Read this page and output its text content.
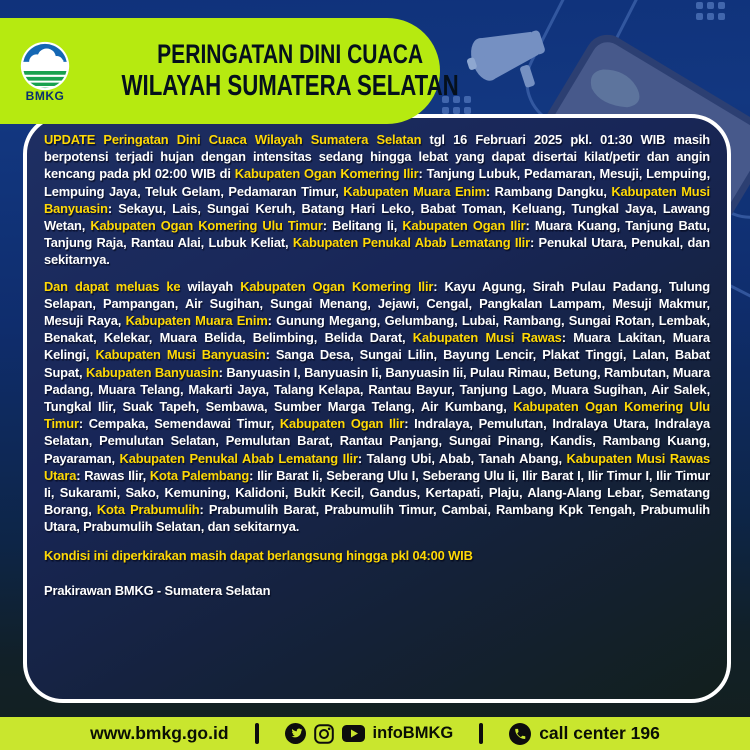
BMKG
PERINGATAN DINI CUACA
WILAYAH SUMATERA SELATAN

UPDATE Peringatan Dini Cuaca Wilayah Sumatera Selatan tgl 16 Februari 2025 pkl. 01:30 WIB masih berpotensi terjadi hujan dengan intensitas sedang hingga lebat yang dapat disertai kilat/petir dan angin kencang pada pkl 02:00 WIB di Kabupaten Ogan Komering Ilir: Tanjung Lubuk, Pedamaran, Mesuji, Lempuing, Lempuing Jaya, Teluk Gelam, Pedamaran Timur, Kabupaten Muara Enim: Rambang Dangku, Kabupaten Musi Banyuasin: Sekayu, Lais, Sungai Keruh, Batang Hari Leko, Babat Toman, Keluang, Tungkal Jaya, Lawang Wetan, Kabupaten Ogan Komering Ulu Timur: Belitang Ii, Kabupaten Ogan Ilir: Muara Kuang, Tanjung Batu, Tanjung Raja, Rantau Alai, Lubuk Keliat, Kabupaten Penukal Abab Lematang Ilir: Penukal Utara, Penukal, dan sekitarnya.

Dan dapat meluas ke wilayah Kabupaten Ogan Komering Ilir: Kayu Agung, Sirah Pulau Padang, Tulung Selapan, Pampangan, Air Sugihan, Sungai Menang, Jejawi, Cengal, Pangkalan Lampam, Mesuji Makmur, Mesuji Raya, Kabupaten Muara Enim: Gunung Megang, Gelumbang, Lubai, Rambang, Sungai Rotan, Lembak, Benakat, Kelekar, Muara Belida, Belimbing, Belida Darat, Kabupaten Musi Rawas: Muara Lakitan, Muara Kelingi, Kabupaten Musi Banyuasin: Sanga Desa, Sungai Lilin, Bayung Lencir, Plakat Tinggi, Lalan, Babat Supat, Kabupaten Banyuasin: Banyuasin I, Banyuasin Ii, Banyuasin Iii, Pulau Rimau, Betung, Rambutan, Muara Padang, Muara Telang, Makarti Jaya, Talang Kelapa, Rantau Bayur, Tanjung Lago, Muara Sugihan, Air Salek, Tungkal Ilir, Suak Tapeh, Sembawa, Sumber Marga Telang, Air Kumbang, Kabupaten Ogan Komering Ulu Timur: Cempaka, Semendawai Timur, Kabupaten Ogan Ilir: Indralaya, Pemulutan, Indralaya Utara, Indralaya Selatan, Pemulutan Selatan, Pemulutan Barat, Rantau Panjang, Sungai Pinang, Kandis, Rambang Kuang, Payaraman, Kabupaten Penukal Abab Lematang Ilir: Talang Ubi, Abab, Tanah Abang, Kabupaten Musi Rawas Utara: Rawas Ilir, Kota Palembang: Ilir Barat Ii, Seberang Ulu I, Seberang Ulu Ii, Ilir Barat I, Ilir Timur I, Ilir Timur Ii, Sukarami, Sako, Kemuning, Kalidoni, Bukit Kecil, Gandus, Kertapati, Plaju, Alang-Alang Lebar, Sematang Borang, Kota Prabumulih: Prabumulih Barat, Prabumulih Timur, Cambai, Rambang Kpk Tengah, Prabumulih Utara, Prabumulih Selatan, dan sekitarnya.

Kondisi ini diperkirakan masih dapat berlangsung hingga pkl 04:00 WIB

Prakirawan BMKG - Sumatera Selatan

www.bmkg.go.id	infoBMKG	call center 196
